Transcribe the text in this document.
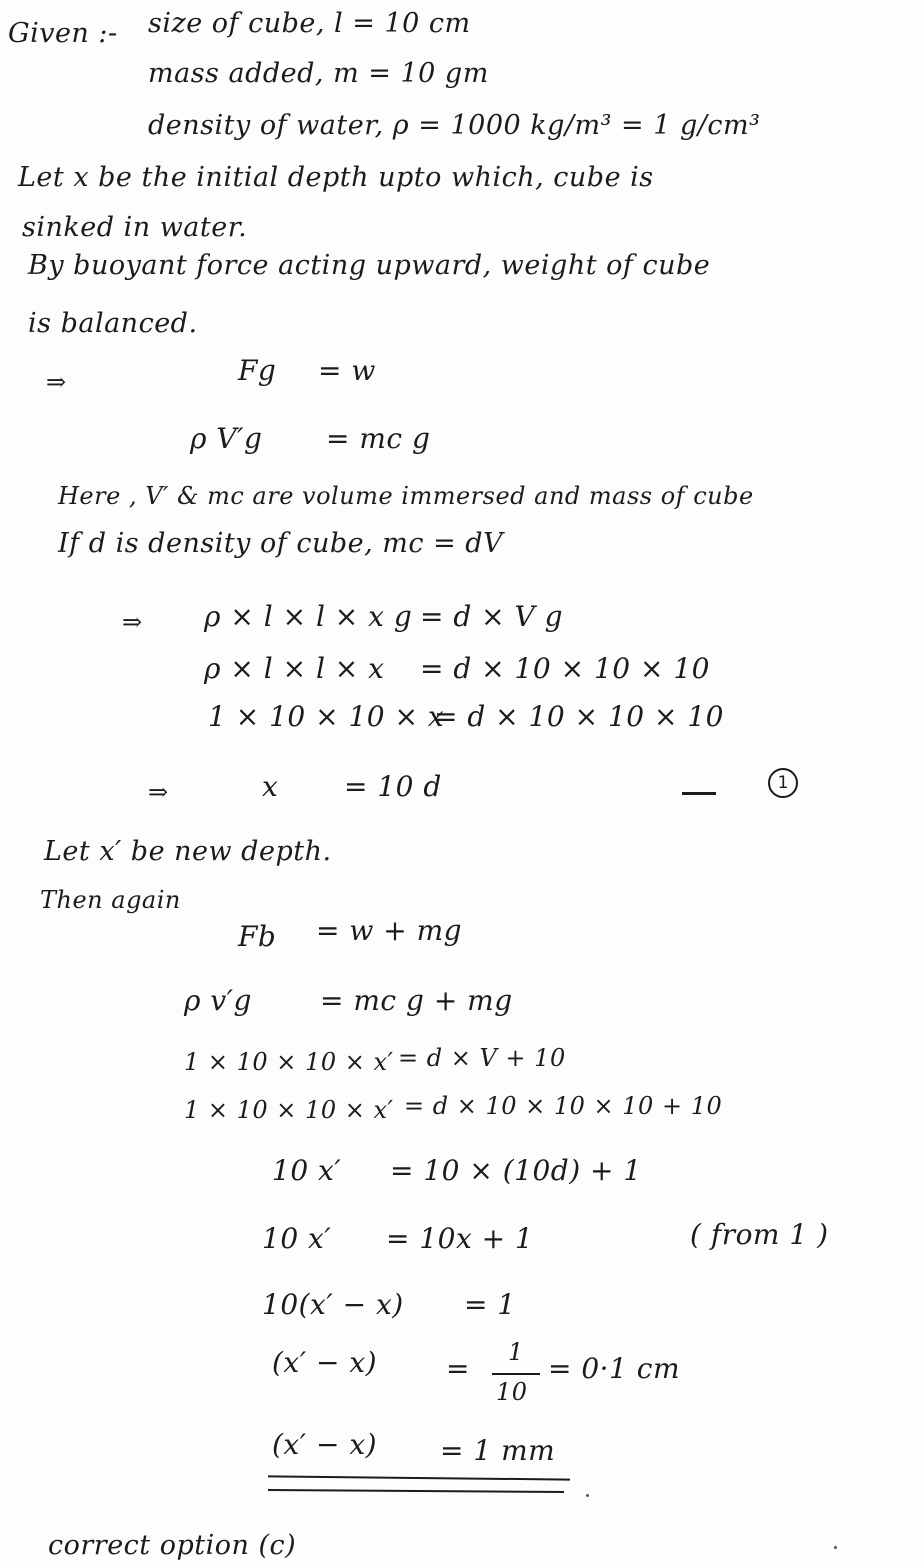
Given :- size of cube, l = 10 cm
mass added, m = 10 gm
density of water, ρ = 1000 kg/m³ = 1 g/cm³
Let x be the initial depth upto which, cube is
sinked in water.
By buoyant force acting upward, weight of cube
is balanced.
⇒	Fg = w
ρ V′g = mc g
Here , V′ & mc are volume immersed and mass of cube
If d is density of cube, mc = dV
⇒ ρ × l × l × x g = d × V g
ρ × l × l × x = d × 10 × 10 × 10
1 × 10 × 10 × x
= d × 10 × 10 × 10
⇒	x = 10 d	1
Let x′ be new depth.
Then again
Fb = w + mg
ρ v′g = mc g + mg
1 × 10 × 10 × x′ = d × V + 10
1 × 10 × 10 × x′ = d × 10 × 10 × 10 + 10
10 x′ = 10 × (10d) + 1
10 x′ = 10x + 1	( from 1 )
10(x′ − x) = 1
(x′ − x) = 1
10
= 0·1 cm
(x′ − x) = 1 mm
correct option (c)
